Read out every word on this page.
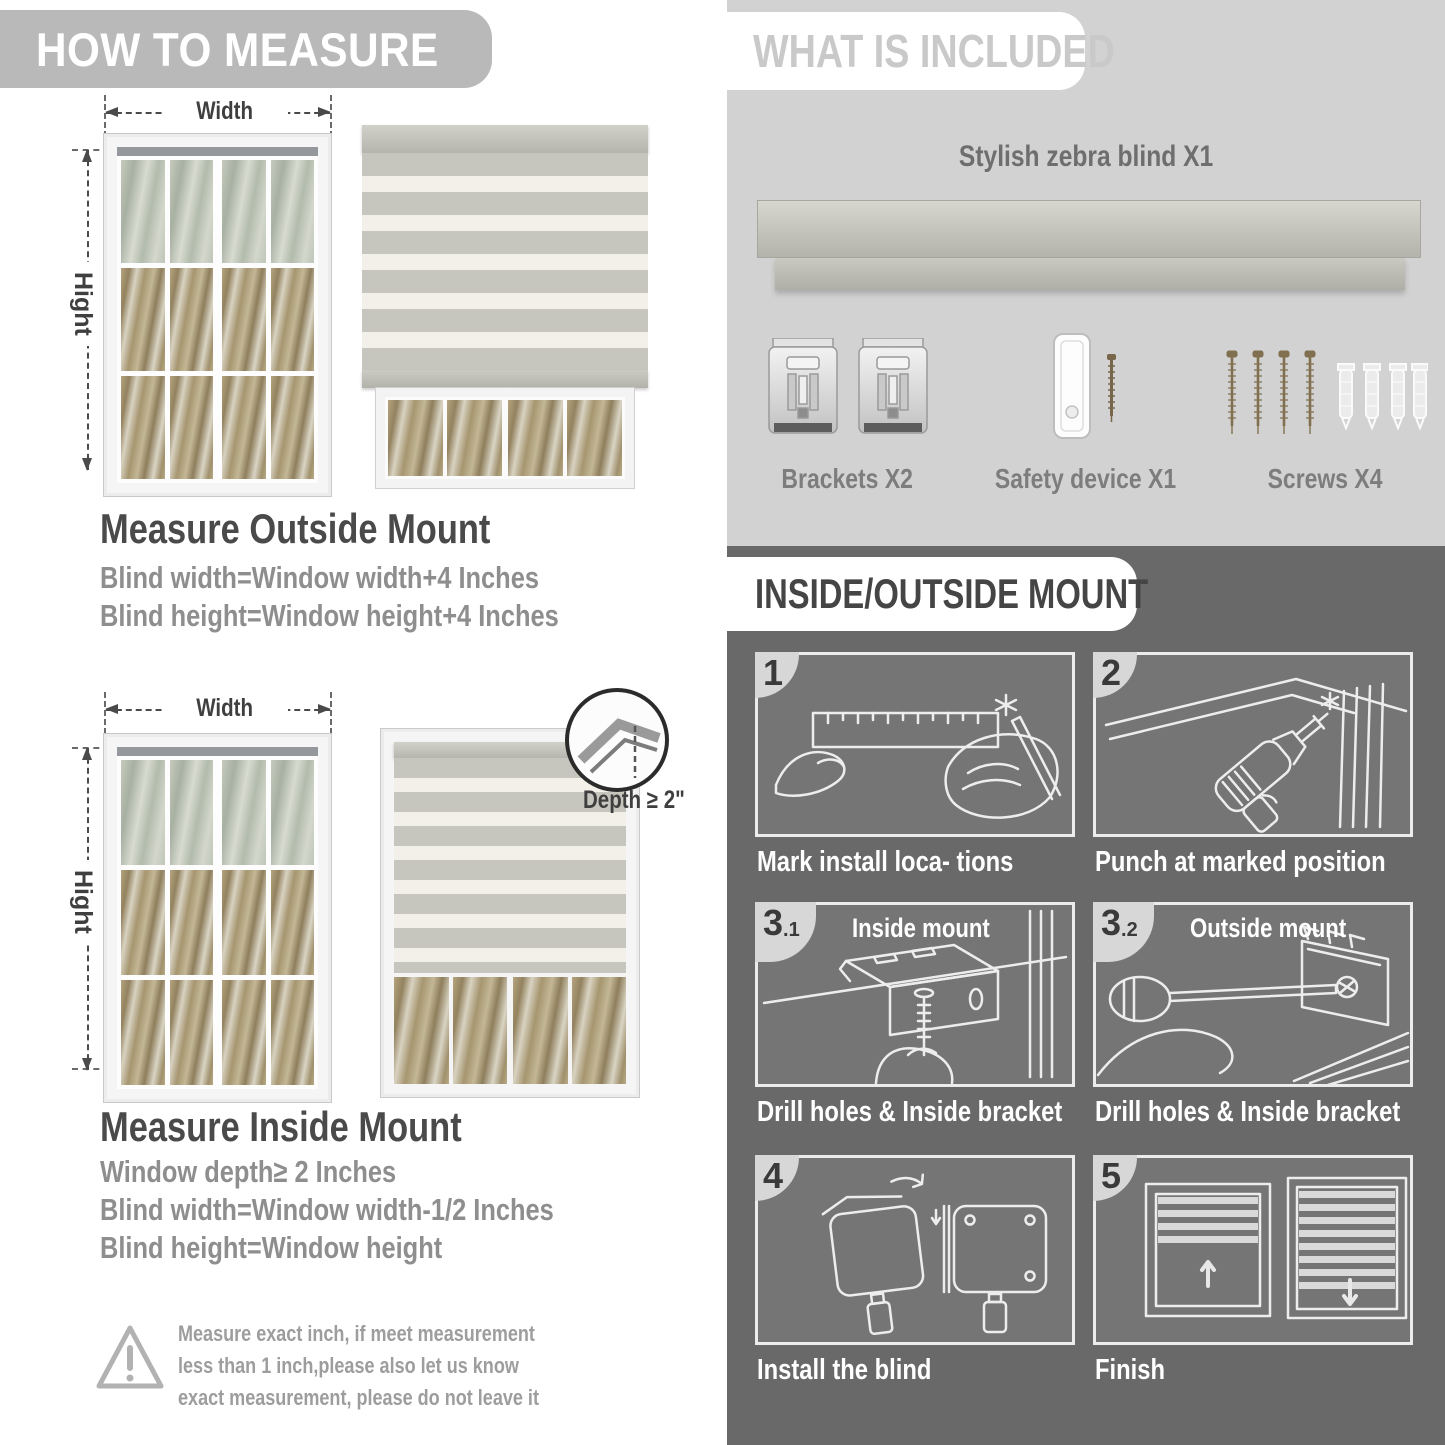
HOW TO MEASURE
Width
Hight
Measure Outside Mount
Blind width=Window width+4 Inches
Blind height=Window height+4 Inches
Width
Hight
Depth ≥ 2"
Measure Inside Mount
Window depth≥ 2 Inches
Blind width=Window width-1/2 Inches
Blind height=Window height
Measure exact inch, if meet measurement less than 1 inch,please also let us know exact measurement, please do not leave it
WHAT IS INCLUDED
Stylish zebra blind X1
Brackets X2	Safety device X1	Screws X4
INSIDE/OUTSIDE MOUNT
1
Mark install loca- tions
2
Punch at marked position
3 .1 Inside mount
Drill holes & Inside bracket
3 .2 Outside mount
Drill holes & Inside bracket
4
Install the blind
5
Finish
